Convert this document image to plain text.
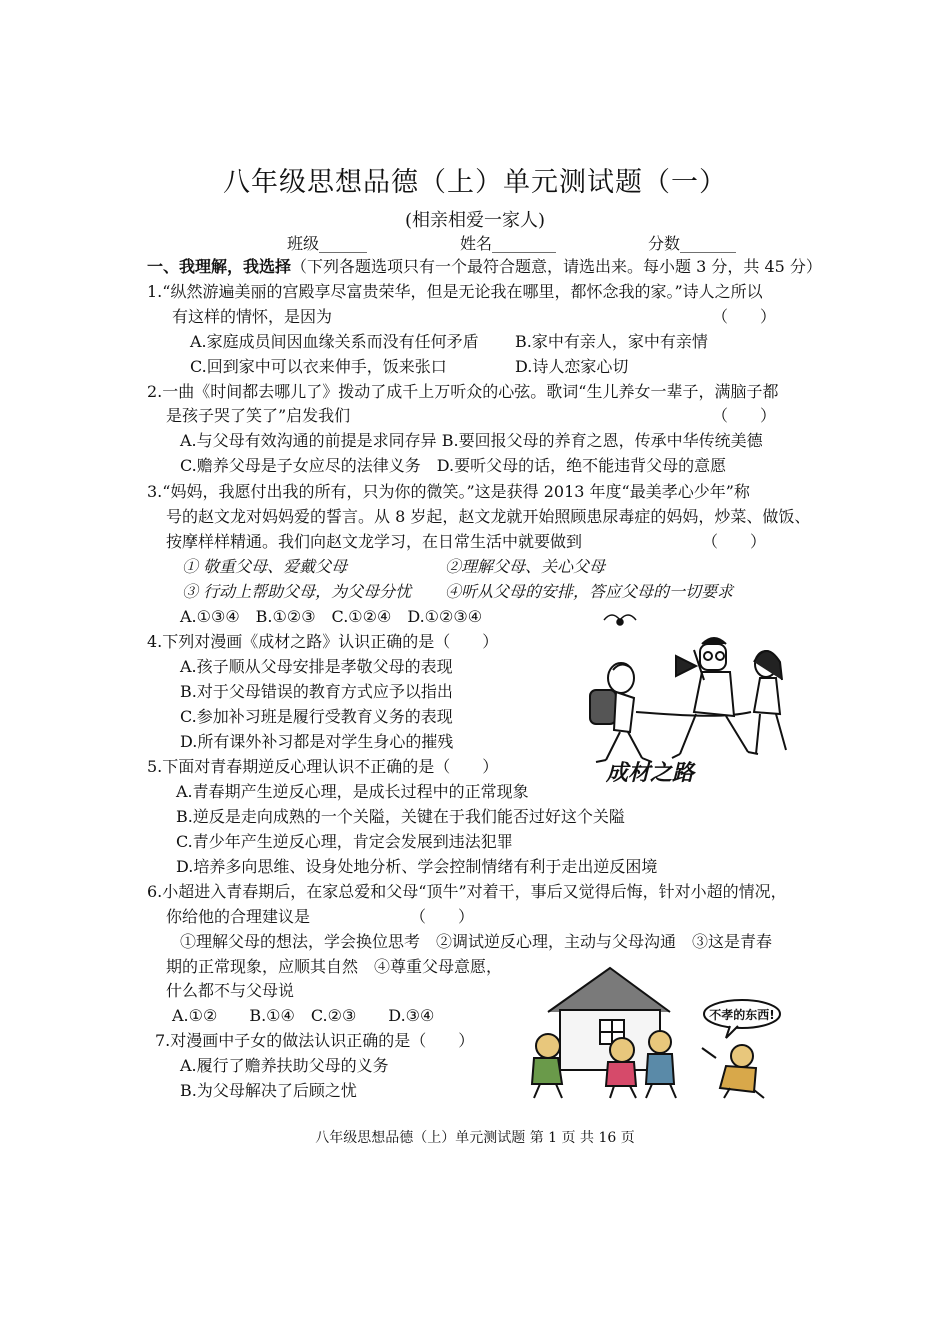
八年级思想品德（上）单元测试题（一）
(相亲相爱一家人)
班级______	姓名________	分数_______
一、我理解，我选择（下列各题选项只有一个最符合题意，请选出来。每小题 3 分，共 45 分）
1.“纵然游遍美丽的宫殿享尽富贵荣华，但是无论我在哪里，都怀念我的家。”诗人之所以
有这样的情怀，是因为	（　　）
A.家庭成员间因血缘关系而没有任何矛盾 B.家中有亲人，家中有亲情
C.回到家中可以衣来伸手，饭来张口	D.诗人恋家心切
2.一曲《时间都去哪儿了》拨动了成千上万听众的心弦。歌词“生儿养女一辈子，满脑子都
是孩子哭了笑了”启发我们	（　　）
A.与父母有效沟通的前提是求同存异 B.要回报父母的养育之恩，传承中华传统美德
C.赡养父母是子女应尽的法律义务　D.要听父母的话，绝不能违背父母的意愿
3.“妈妈，我愿付出我的所有，只为你的微笑。”这是获得 2013 年度“最美孝心少年”称
号的赵文龙对妈妈爱的誓言。从 8 岁起，赵文龙就开始照顾患尿毒症的妈妈，炒菜、做饭、
按摩样样精通。我们向赵文龙学习，在日常生活中就要做到	（　　）
① 敬重父母、爱戴父母	②理解父母、关心父母
③ 行动上帮助父母，为父母分忧 ④听从父母的安排，答应父母的一切要求
A.①③④　B.①②③　C.①②④　D.①②③④
4.下列对漫画《成材之路》认识正确的是（　　）
A.孩子顺从父母安排是孝敬父母的表现
B.对于父母错误的教育方式应予以指出
C.参加补习班是履行受教育义务的表现
D.所有课外补习都是对学生身心的摧残
成材之路
5.下面对青春期逆反心理认识不正确的是（　　）
A.青春期产生逆反心理，是成长过程中的正常现象
B.逆反是走向成熟的一个关隘，关键在于我们能否过好这个关隘
C.青少年产生逆反心理，肯定会发展到违法犯罪
D.培养多向思维、设身处地分析、学会控制情绪有利于走出逆反困境
6.小超进入青春期后，在家总爱和父母“顶牛”对着干，事后又觉得后悔，针对小超的情况，
你给他的合理建议是	（　　）
①理解父母的想法，学会换位思考　②调试逆反心理，主动与父母沟通　③这是青春
期的正常现象，应顺其自然　④尊重父母意愿，
什么都不与父母说
A.①②　　B.①④　C.②③　　D.③④
7.对漫画中子女的做法认识正确的是（　　）
A.履行了赡养扶助父母的义务
B.为父母解决了后顾之忧
不孝的东西!
八年级思想品德（上）单元测试题 第 1 页 共 16 页
